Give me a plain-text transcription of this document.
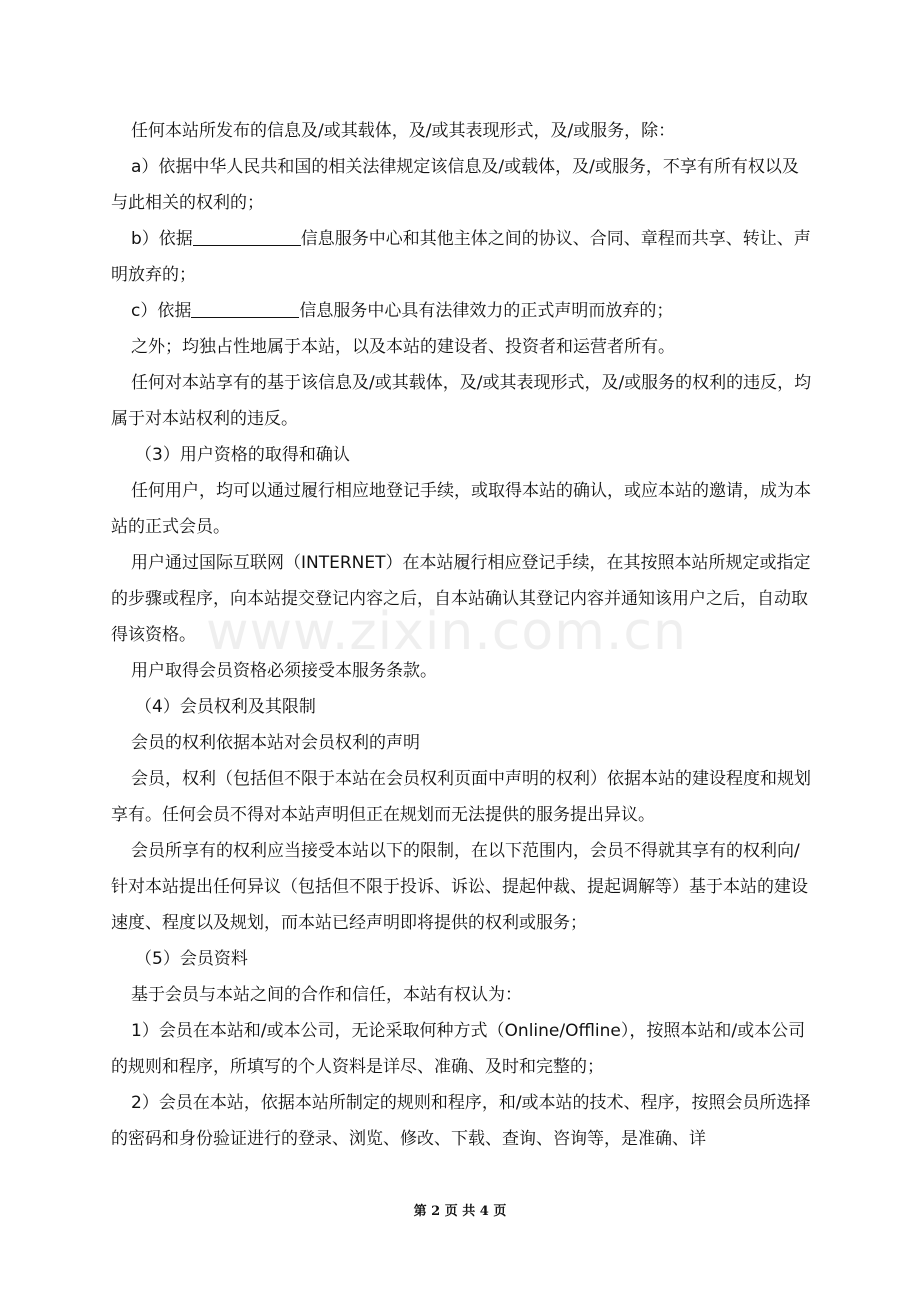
任何本站所发布的信息及/或其载体，及/或其表现形式，及/或服务，除：

a）依据中华人民共和国的相关法律规定该信息及/或载体，及/或服务，不享有所有权以及与此相关的权利的；

b）依据	信息服务中心和其他主体之间的协议、合同、章程而共享、转让、声明放弃的；

c）依据	信息服务中心具有法律效力的正式声明而放弃的；

之外；均独占性地属于本站，以及本站的建设者、投资者和运营者所有。

任何对本站享有的基于该信息及/或其载体，及/或其表现形式，及/或服务的权利的违反，均属于对本站权利的违反。

（3）用户资格的取得和确认

任何用户，均可以通过履行相应地登记手续，或取得本站的确认，或应本站的邀请，成为本站的正式会员。

用户通过国际互联网（INTERNET）在本站履行相应登记手续，在其按照本站所规定或指定的步骤或程序，向本站提交登记内容之后，自本站确认其登记内容并通知该用户之后，自动取得该资格。

用户取得会员资格必须接受本服务条款。

（4）会员权利及其限制

会员的权利依据本站对会员权利的声明

会员，权利（包括但不限于本站在会员权利页面中声明的权利）依据本站的建设程度和规划享有。任何会员不得对本站声明但正在规划而无法提供的服务提出异议。

会员所享有的权利应当接受本站以下的限制，在以下范围内，会员不得就其享有的权利向/针对本站提出任何异议（包括但不限于投诉、诉讼、提起仲裁、提起调解等）基于本站的建设速度、程度以及规划，而本站已经声明即将提供的权利或服务；

（5）会员资料

基于会员与本站之间的合作和信任，本站有权认为：

1）会员在本站和/或本公司，无论采取何种方式（Online/Offline），按照本站和/或本公司的规则和程序，所填写的个人资料是详尽、准确、及时和完整的；

2）会员在本站，依据本站所制定的规则和程序，和/或本站的技术、程序，按照会员所选择的密码和身份验证进行的登录、浏览、修改、下载、查询、咨询等，是准确、详

www.zixin.com.cn
第 2 页 共 4 页
